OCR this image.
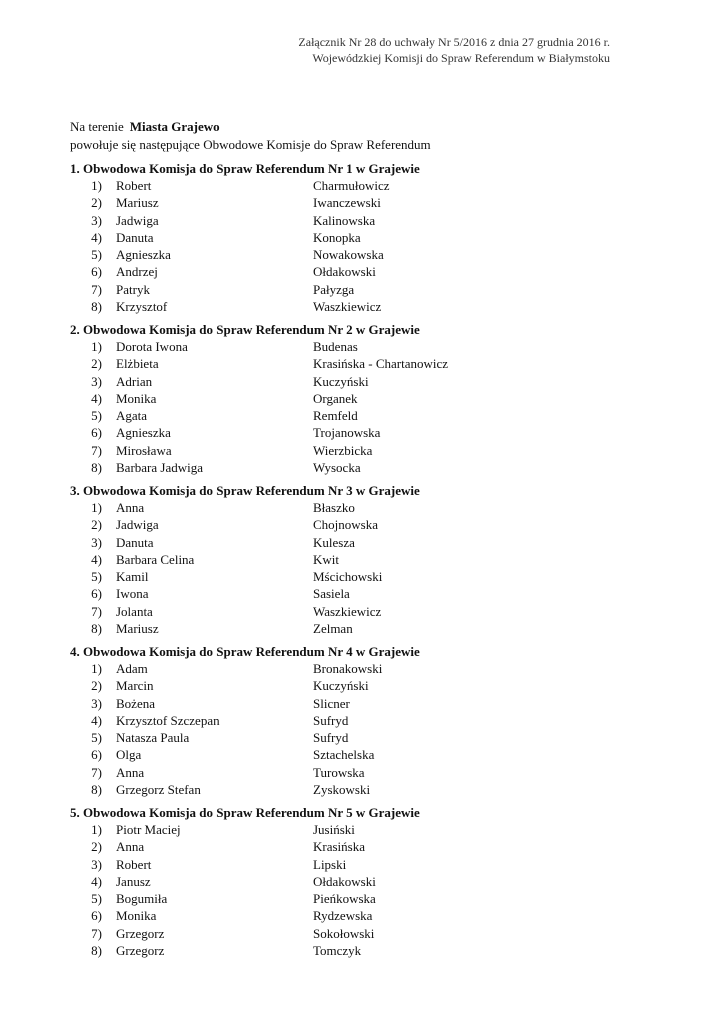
Załącznik Nr 28 do uchwały Nr 5/2016 z dnia 27 grudnia 2016 r.
Wojewódzkiej Komisji do Spraw Referendum w Białymstoku
Na terenie Miasta Grajewo
powołuje się następujące Obwodowe Komisje do Spraw Referendum
1. Obwodowa Komisja do Spraw Referendum Nr 1 w Grajewie
1)	Robert	Charmułowicz
2)	Mariusz	Iwanczewski
3)	Jadwiga	Kalinowska
4)	Danuta	Konopka
5)	Agnieszka	Nowakowska
6)	Andrzej	Ołdakowski
7)	Patryk	Pałyzga
8)	Krzysztof	Waszkiewicz
2. Obwodowa Komisja do Spraw Referendum Nr 2 w Grajewie
1)	Dorota Iwona	Budenas
2)	Elżbieta	Krasińska - Chartanowicz
3)	Adrian	Kuczyński
4)	Monika	Organek
5)	Agata	Remfeld
6)	Agnieszka	Trojanowska
7)	Mirosława	Wierzbicka
8)	Barbara Jadwiga	Wysocka
3. Obwodowa Komisja do Spraw Referendum Nr 3 w Grajewie
1)	Anna	Błaszko
2)	Jadwiga	Chojnowska
3)	Danuta	Kulesza
4)	Barbara Celina	Kwit
5)	Kamil	Mścichowski
6)	Iwona	Sasiela
7)	Jolanta	Waszkiewicz
8)	Mariusz	Zelman
4. Obwodowa Komisja do Spraw Referendum Nr 4 w Grajewie
1)	Adam	Bronakowski
2)	Marcin	Kuczyński
3)	Bożena	Slicner
4)	Krzysztof Szczepan	Sufryd
5)	Natasza Paula	Sufryd
6)	Olga	Sztachelska
7)	Anna	Turowska
8)	Grzegorz Stefan	Zyskowski
5. Obwodowa Komisja do Spraw Referendum Nr 5 w Grajewie
1)	Piotr Maciej	Jusiński
2)	Anna	Krasińska
3)	Robert	Lipski
4)	Janusz	Ołdakowski
5)	Bogumiła	Pieńkowska
6)	Monika	Rydzewska
7)	Grzegorz	Sokołowski
8)	Grzegorz	Tomczyk
